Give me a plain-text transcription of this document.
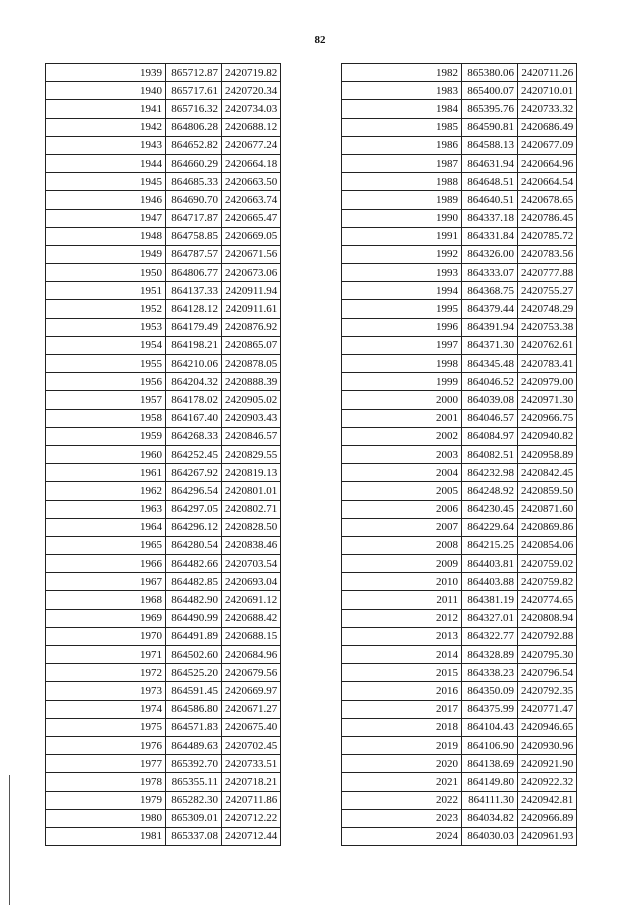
82
1939	865712.87	2420719.82
1940	865717.61	2420720.34
1941	865716.32	2420734.03
1942	864806.28	2420688.12
1943	864652.82	2420677.24
1944	864660.29	2420664.18
1945	864685.33	2420663.50
1946	864690.70	2420663.74
1947	864717.87	2420665.47
1948	864758.85	2420669.05
1949	864787.57	2420671.56
1950	864806.77	2420673.06
1951	864137.33	2420911.94
1952	864128.12	2420911.61
1953	864179.49	2420876.92
1954	864198.21	2420865.07
1955	864210.06	2420878.05
1956	864204.32	2420888.39
1957	864178.02	2420905.02
1958	864167.40	2420903.43
1959	864268.33	2420846.57
1960	864252.45	2420829.55
1961	864267.92	2420819.13
1962	864296.54	2420801.01
1963	864297.05	2420802.71
1964	864296.12	2420828.50
1965	864280.54	2420838.46
1966	864482.66	2420703.54
1967	864482.85	2420693.04
1968	864482.90	2420691.12
1969	864490.99	2420688.42
1970	864491.89	2420688.15
1971	864502.60	2420684.96
1972	864525.20	2420679.56
1973	864591.45	2420669.97
1974	864586.80	2420671.27
1975	864571.83	2420675.40
1976	864489.63	2420702.45
1977	865392.70	2420733.51
1978	865355.11	2420718.21
1979	865282.30	2420711.86
1980	865309.01	2420712.22
1981	865337.08	2420712.44
1982	865380.06	2420711.26
1983	865400.07	2420710.01
1984	865395.76	2420733.32
1985	864590.81	2420686.49
1986	864588.13	2420677.09
1987	864631.94	2420664.96
1988	864648.51	2420664.54
1989	864640.51	2420678.65
1990	864337.18	2420786.45
1991	864331.84	2420785.72
1992	864326.00	2420783.56
1993	864333.07	2420777.88
1994	864368.75	2420755.27
1995	864379.44	2420748.29
1996	864391.94	2420753.38
1997	864371.30	2420762.61
1998	864345.48	2420783.41
1999	864046.52	2420979.00
2000	864039.08	2420971.30
2001	864046.57	2420966.75
2002	864084.97	2420940.82
2003	864082.51	2420958.89
2004	864232.98	2420842.45
2005	864248.92	2420859.50
2006	864230.45	2420871.60
2007	864229.64	2420869.86
2008	864215.25	2420854.06
2009	864403.81	2420759.02
2010	864403.88	2420759.82
2011	864381.19	2420774.65
2012	864327.01	2420808.94
2013	864322.77	2420792.88
2014	864328.89	2420795.30
2015	864338.23	2420796.54
2016	864350.09	2420792.35
2017	864375.99	2420771.47
2018	864104.43	2420946.65
2019	864106.90	2420930.96
2020	864138.69	2420921.90
2021	864149.80	2420922.32
2022	864111.30	2420942.81
2023	864034.82	2420966.89
2024	864030.03	2420961.93
